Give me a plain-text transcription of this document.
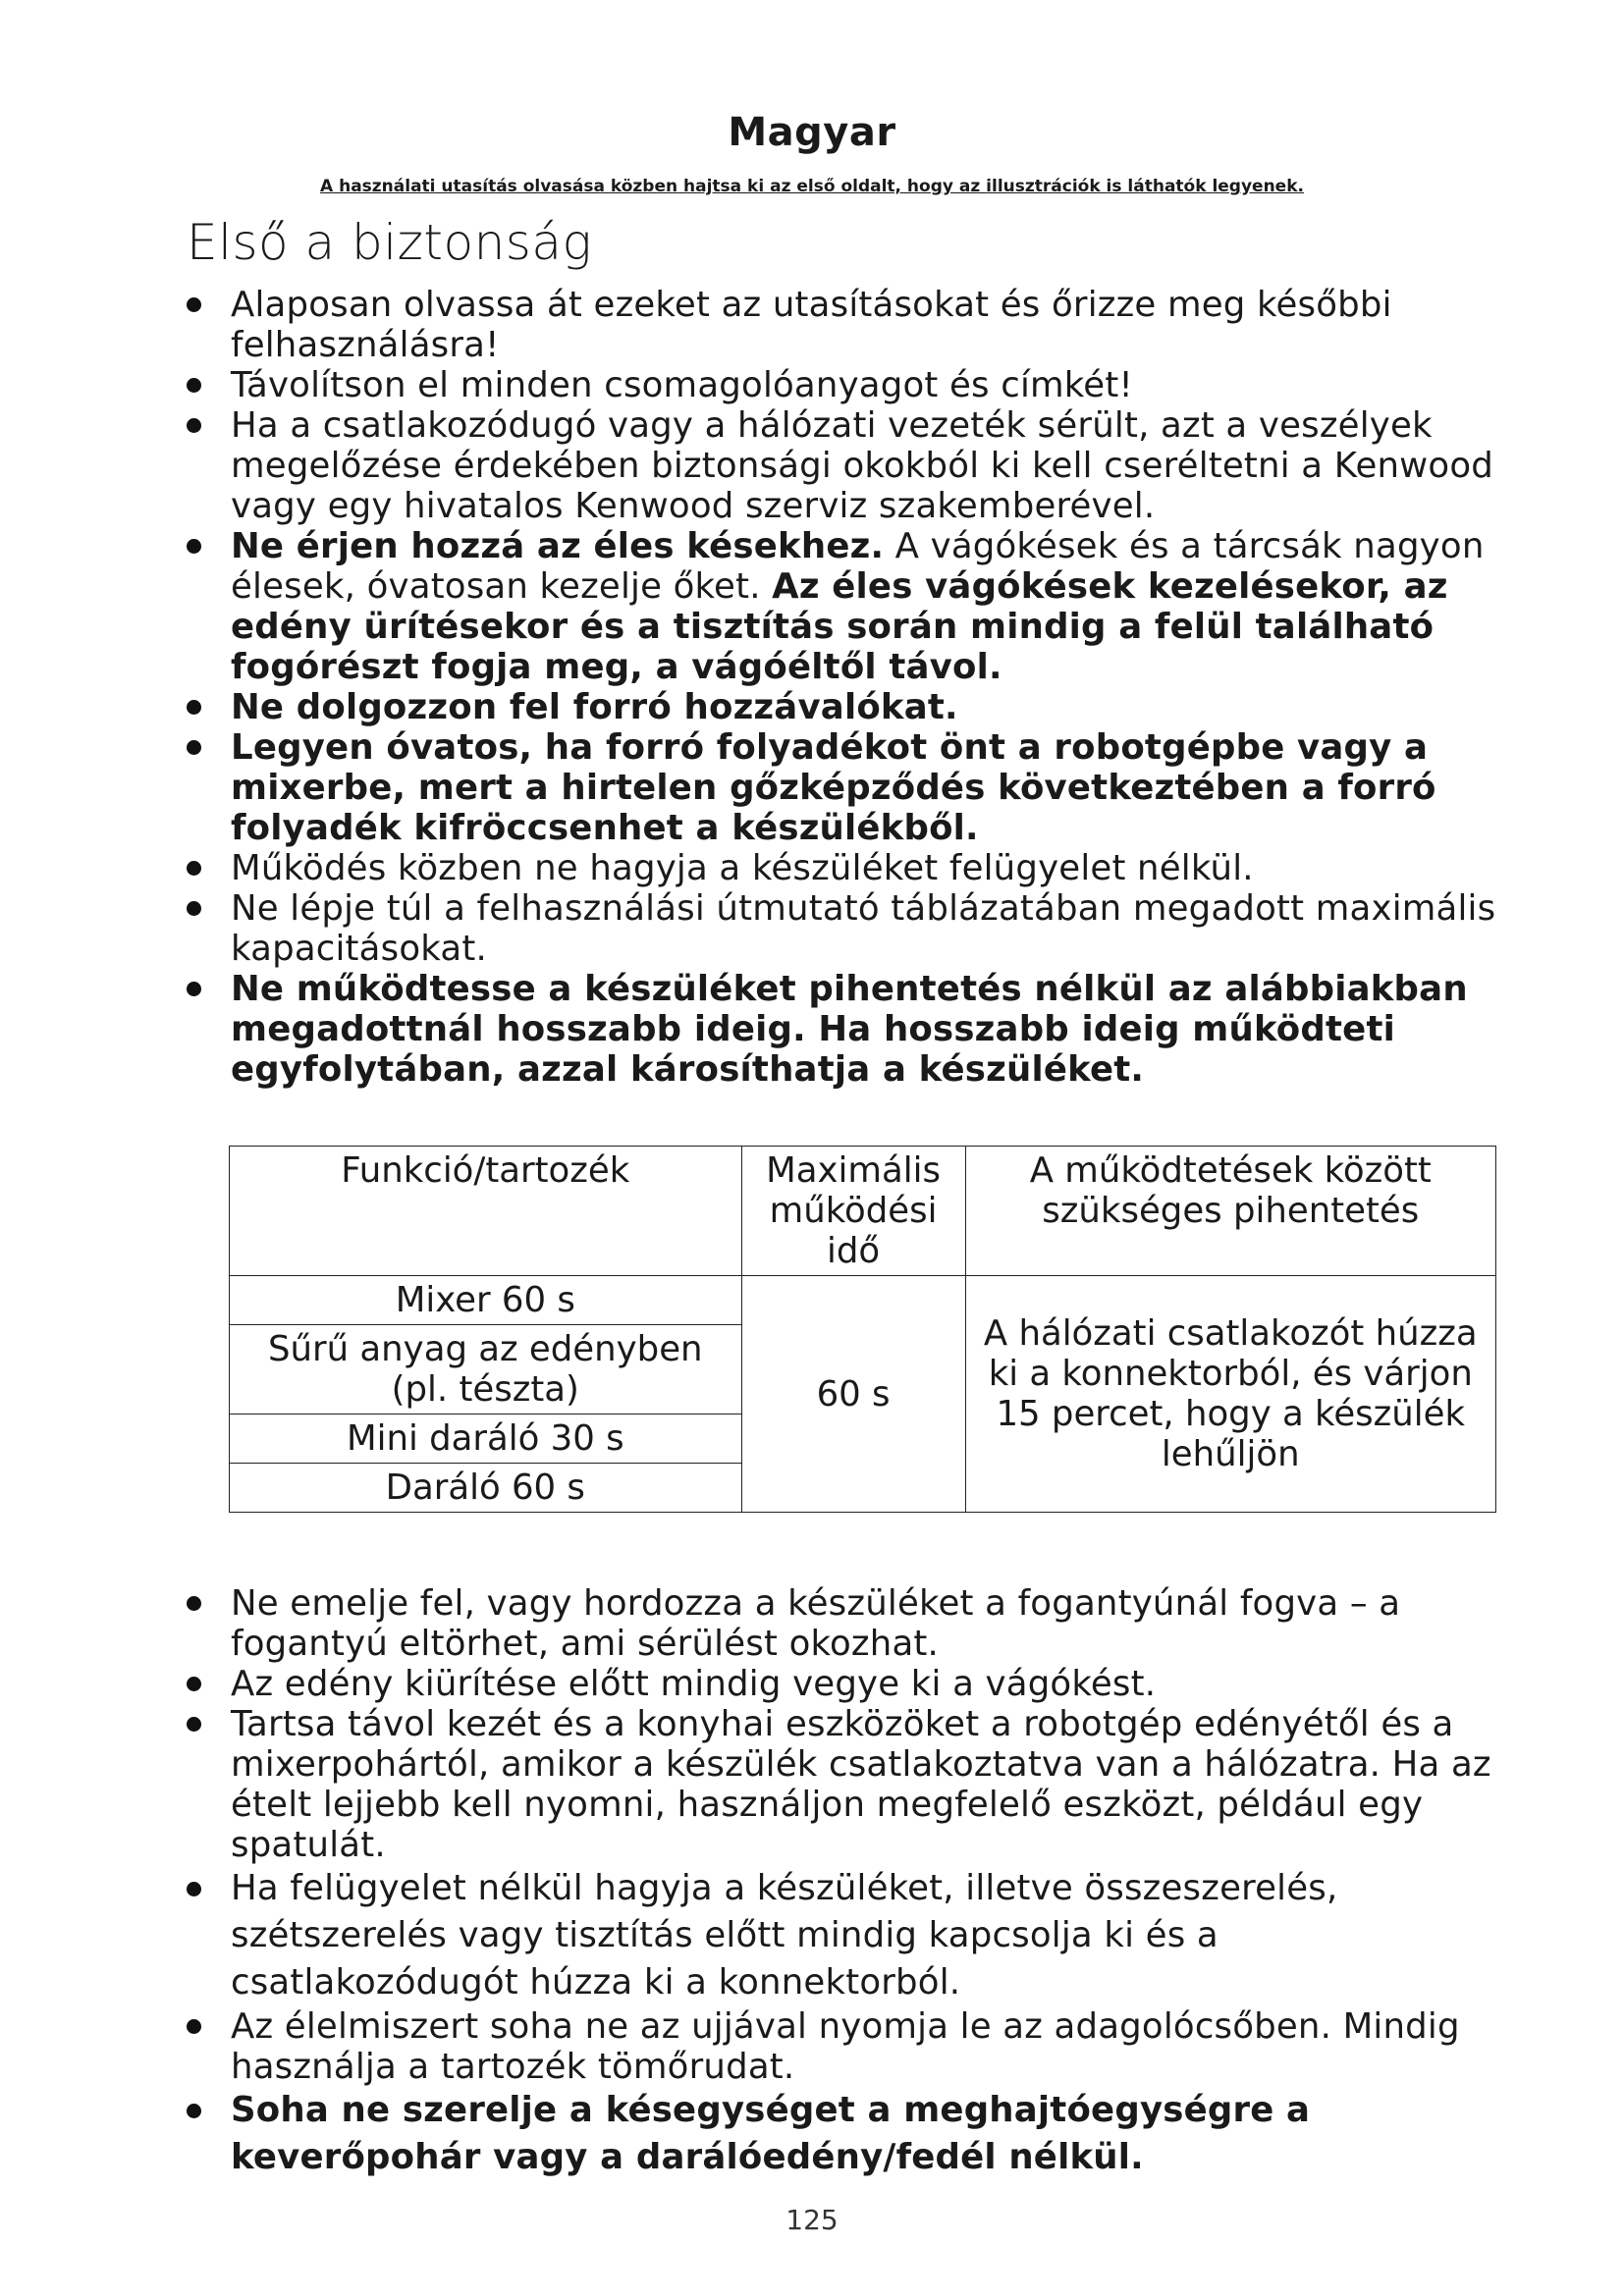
Magyar
A használati utasítás olvasása közben hajtsa ki az első oldalt, hogy az illusztrációk is láthatók legyenek.
Első a biztonság
Alaposan olvassa át ezeket az utasításokat és őrizze meg későbbi felhasználásra!
Távolítson el minden csomagolóanyagot és címkét!
Ha a csatlakozódugó vagy a hálózati vezeték sérült, azt a veszélyek megelőzése érdekében biztonsági okokból ki kell cseréltetni a Kenwood vagy egy hivatalos Kenwood szerviz szakemberével.
Ne érjen hozzá az éles késekhez. A vágókések és a tárcsák nagyon élesek, óvatosan kezelje őket. Az éles vágókések kezelésekor, az edény ürítésekor és a tisztítás során mindig a felül található fogórészt fogja meg, a vágóéltől távol.
Ne dolgozzon fel forró hozzávalókat.
Legyen óvatos, ha forró folyadékot önt a robotgépbe vagy a mixerbe, mert a hirtelen gőzképződés következtében a forró folyadék kifröccsenhet a készülékből.
Működés közben ne hagyja a készüléket felügyelet nélkül.
Ne lépje túl a felhasználási útmutató táblázatában megadott maximális kapacitásokat.
Ne működtesse a készüléket pihentetés nélkül az alábbiakban megadottnál hosszabb ideig. Ha hosszabb ideig működteti egyfolytában, azzal károsíthatja a készüléket.
Funkció/tartozék	Maximális működési idő	A működtetések között szükséges pihentetés
Mixer 60 s	60 s	A hálózati csatlakozót húzza ki a konnektorból, és várjon 15 percet, hogy a készülék lehűljön
Sűrű anyag az edényben (pl. tészta)		
Mini daráló 30 s		
Daráló 60 s		
Ne emelje fel, vagy hordozza a készüléket a fogantyúnál fogva – a fogantyú eltörhet, ami sérülést okozhat.
Az edény kiürítése előtt mindig vegye ki a vágókést.
Tartsa távol kezét és a konyhai eszközöket a robotgép edényétől és a mixerpohártól, amikor a készülék csatlakoztatva van a hálózatra. Ha az ételt lejjebb kell nyomni, használjon megfelelő eszközt, például egy spatulát.
Ha felügyelet nélkül hagyja a készüléket, illetve összeszerelés, szétszerelés vagy tisztítás előtt mindig kapcsolja ki és a csatlakozódugót húzza ki a konnektorból.
Az élelmiszert soha ne az ujjával nyomja le az adagolócsőben. Mindig használja a tartozék tömőrudat.
Soha ne szerelje a késegységet a meghajtóegységre a keverőpohár vagy a darálóedény/fedél nélkül.
125
